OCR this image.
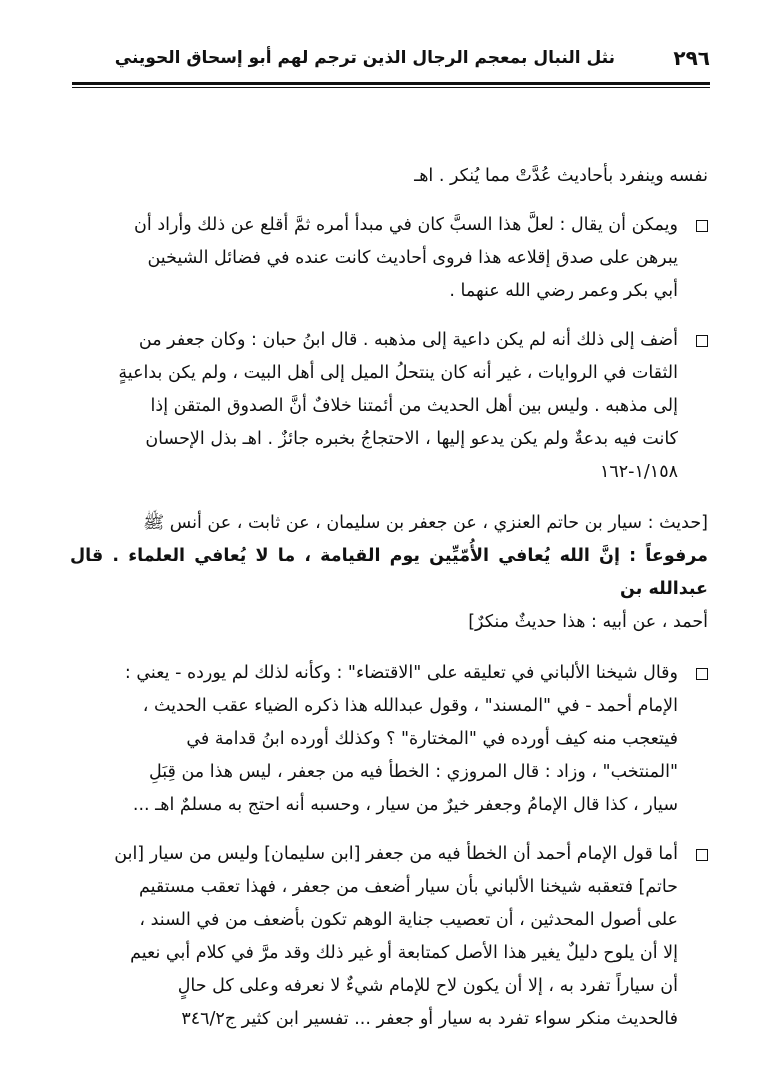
٢٩٦
نثل النبال بمعجم الرجال الذين ترجم لهم أبو إسحاق الحويني

نفسه وينفرد بأحاديث عُدَّتْ مما يُنكر . اهـ

ويمكن أن يقال : لعلَّ هذا السبَّ كان في مبدأ أمره ثمَّ أقلع عن ذلك وأراد أن
يبرهن على صدق إقلاعه هذا فروى أحاديث كانت عنده في فضائل الشيخين
أبي بكر وعمر رضي الله عنهما .

أضف إلى ذلك أنه لم يكن داعية إلى مذهبه . قال ابنُ حبان : وكان جعفر من
الثقات في الروايات ، غير أنه كان ينتحلُ الميل إلى أهل البيت ، ولم يكن بداعيةٍ
إلى مذهبه . وليس بين أهل الحديث من أئمتنا خلافٌ أنَّ الصدوق المتقن إذا
كانت فيه بدعةٌ ولم يكن يدعو إليها ، الاحتجاجُ بخبره جائزٌ . اهـ بذل الإحسان
١/١٥٨-١٦٢

[حديث : سيار بن حاتم العنزي ، عن جعفر بن سليمان ، عن ثابت ، عن أنس ﷺ
مرفوعاً : إنَّ الله يُعافي الأُمّيِّين يوم القيامة ، ما لا يُعافي العلماء . قال عبدالله بن
أحمد ، عن أبيه : هذا حديثٌ منكرٌ]

وقال شيخنا الألباني في تعليقه على "الاقتضاء" : وكأنه لذلك لم يورده - يعني :
الإمام أحمد - في "المسند" ، وقول عبدالله هذا ذكره الضياء عقب الحديث ،
فيتعجب منه كيف أورده في "المختارة" ؟ وكذلك أورده ابنُ قدامة في
"المنتخب" ، وزاد : قال المروزي : الخطأ فيه من جعفر ، ليس هذا من قِبَلِ
سيار ، كذا قال الإمامُ وجعفر خيرٌ من سيار ، وحسبه أنه احتج به مسلمٌ اهـ ...

أما قول الإمام أحمد أن الخطأ فيه من جعفر [ابن سليمان] وليس من سيار [ابن
حاتم] فتعقبه شيخنا الألباني بأن سيار أضعف من جعفر ، فهذا تعقب مستقيم
على أصول المحدثين ، أن تعصيب جناية الوهم تكون بأضعف من في السند ،
إلا أن يلوح دليلٌ يغير هذا الأصل كمتابعة أو غير ذلك وقد مرَّ في كلام أبي نعيم
أن سياراً تفرد به ، إلا أن يكون لاح للإمام شيءٌ لا نعرفه وعلى كل حالٍ
فالحديث منكر سواء تفرد به سيار أو جعفر ... تفسير ابن كثير ج٣٤٦/٢
